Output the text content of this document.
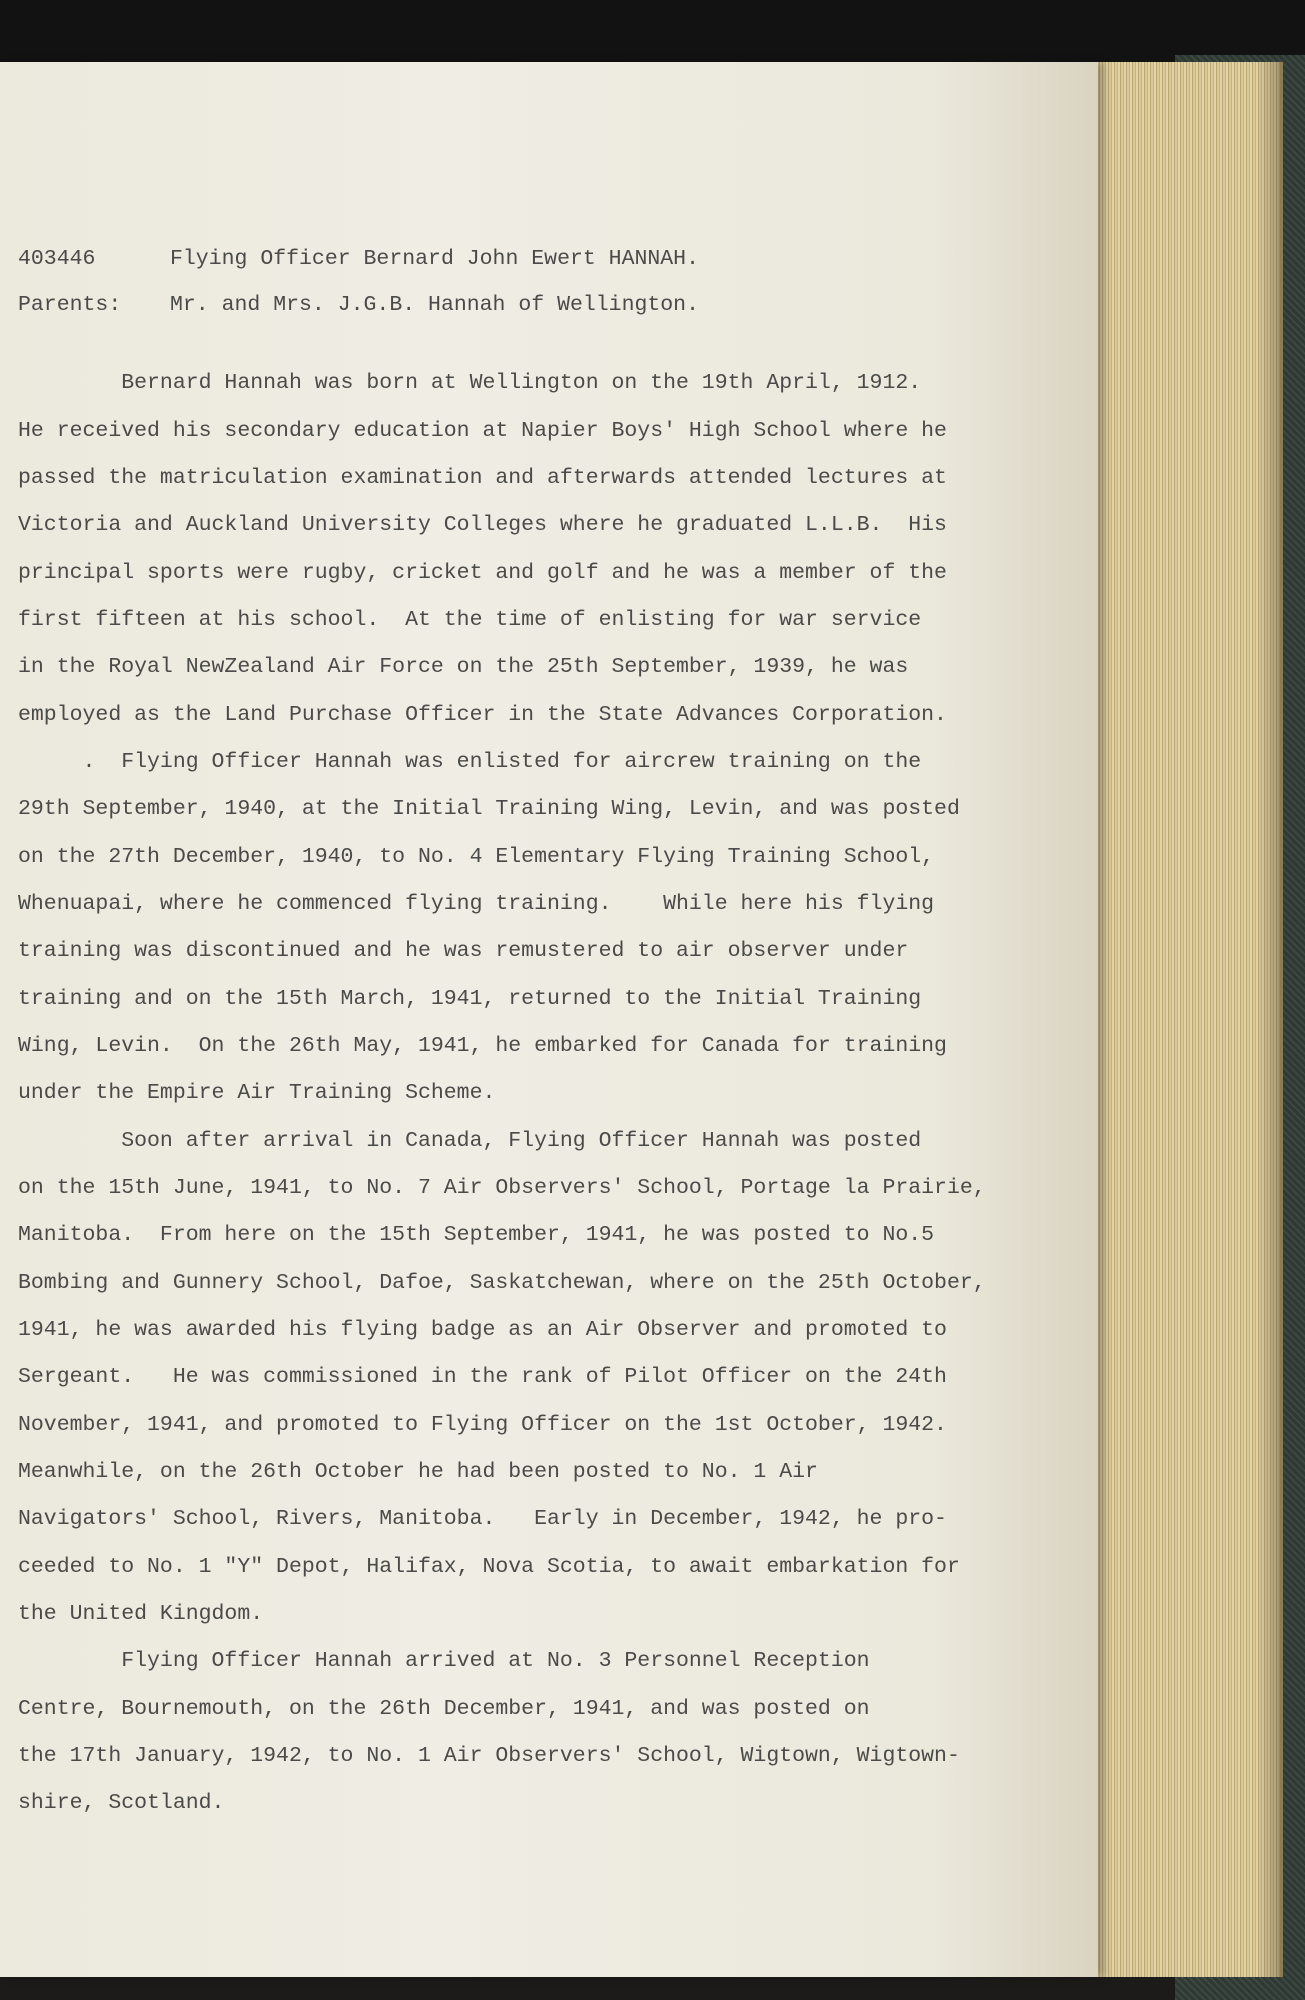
403446	Flying Officer Bernard John Ewert HANNAH.
Parents: Mr. and Mrs. J.G.B. Hannah of Wellington.
Bernard Hannah was born at Wellington on the 19th April, 1912.
He received his secondary education at Napier Boys' High School where he
passed the matriculation examination and afterwards attended lectures at
Victoria and Auckland University Colleges where he graduated L.L.B.  His
principal sports were rugby, cricket and golf and he was a member of the
first fifteen at his school.  At the time of enlisting for war service
in the Royal NewZealand Air Force on the 25th September, 1939, he was
employed as the Land Purchase Officer in the State Advances Corporation.
.  Flying Officer Hannah was enlisted for aircrew training on the
29th September, 1940, at the Initial Training Wing, Levin, and was posted
on the 27th December, 1940, to No. 4 Elementary Flying Training School,
Whenuapai, where he commenced flying training.    While here his flying
training was discontinued and he was remustered to air observer under
training and on the 15th March, 1941, returned to the Initial Training
Wing, Levin.  On the 26th May, 1941, he embarked for Canada for training
under the Empire Air Training Scheme.
Soon after arrival in Canada, Flying Officer Hannah was posted
on the 15th June, 1941, to No. 7 Air Observers' School, Portage la Prairie,
Manitoba.  From here on the 15th September, 1941, he was posted to No.5
Bombing and Gunnery School, Dafoe, Saskatchewan, where on the 25th October,
1941, he was awarded his flying badge as an Air Observer and promoted to
Sergeant.   He was commissioned in the rank of Pilot Officer on the 24th
November, 1941, and promoted to Flying Officer on the 1st October, 1942.
Meanwhile, on the 26th October he had been posted to No. 1 Air
Navigators' School, Rivers, Manitoba.   Early in December, 1942, he pro-
ceeded to No. 1 "Y" Depot, Halifax, Nova Scotia, to await embarkation for
the United Kingdom.
Flying Officer Hannah arrived at No. 3 Personnel Reception
Centre, Bournemouth, on the 26th December, 1941, and was posted on
the 17th January, 1942, to No. 1 Air Observers' School, Wigtown, Wigtown-
shire, Scotland.
